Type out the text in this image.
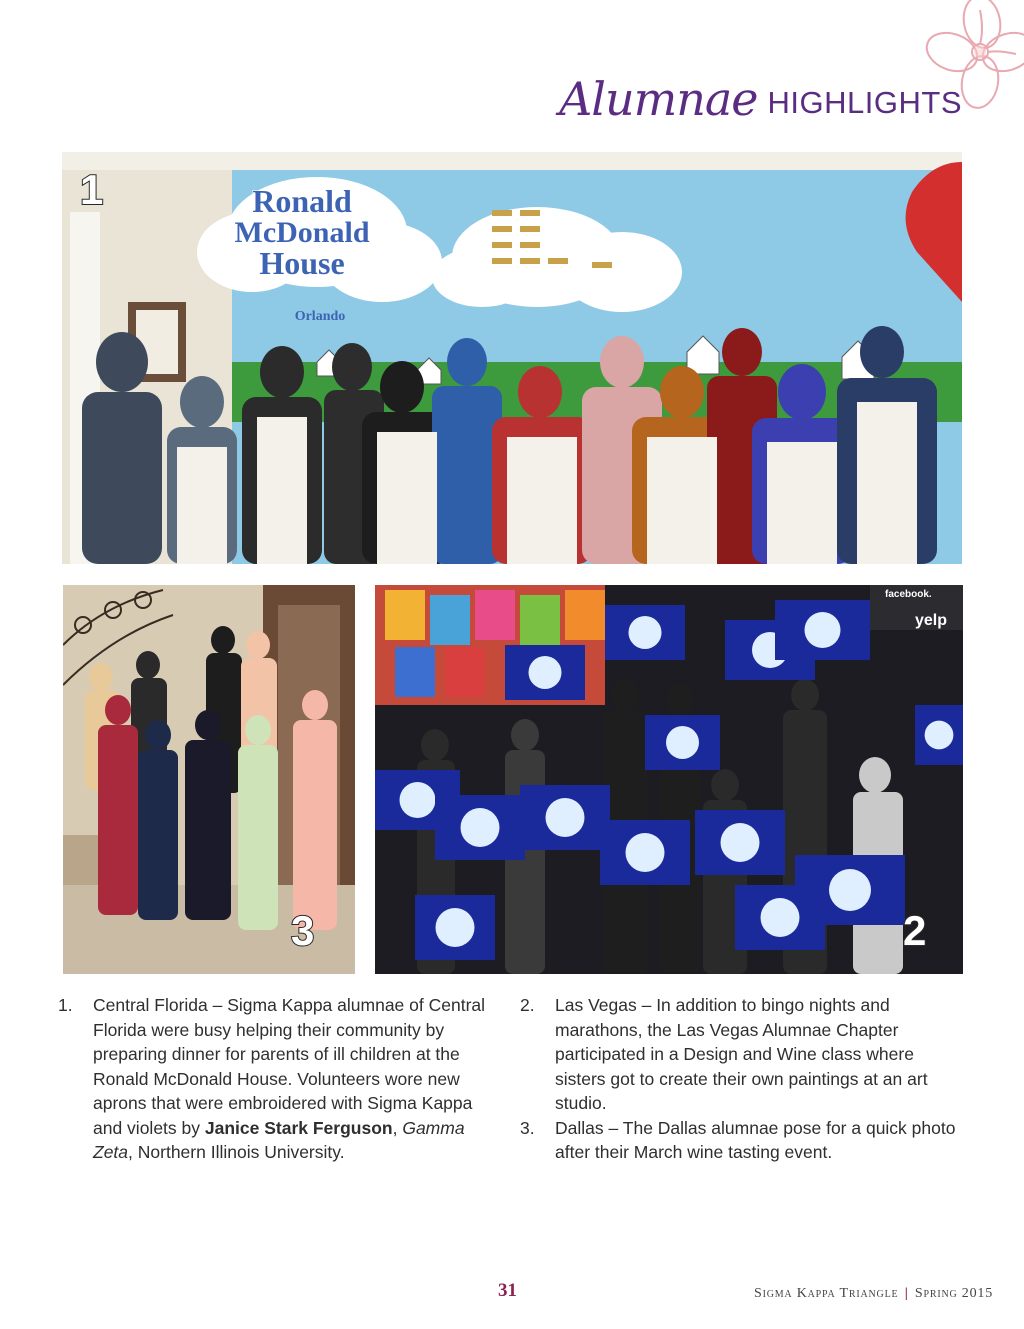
Alumnae HIGHLIGHTS
Ronald
McDonald
House
Orlando
1
3
facebook.
yelp
2
1.	Central Florida – Sigma Kappa alumnae of Central Florida were busy helping their community by preparing dinner for parents of ill children at the Ronald McDonald House. Volunteers wore new aprons that were embroidered with Sigma Kappa and violets by Janice Stark Ferguson, Gamma Zeta, Northern Illinois University.
2.	Las Vegas – In addition to bingo nights and marathons, the Las Vegas Alumnae Chapter participated in a Design and Wine class where sisters got to create their own paintings at an art studio.
3.	Dallas – The Dallas alumnae pose for a quick photo after their March wine tasting event.
31	Sigma Kappa Triangle | Spring 2015
